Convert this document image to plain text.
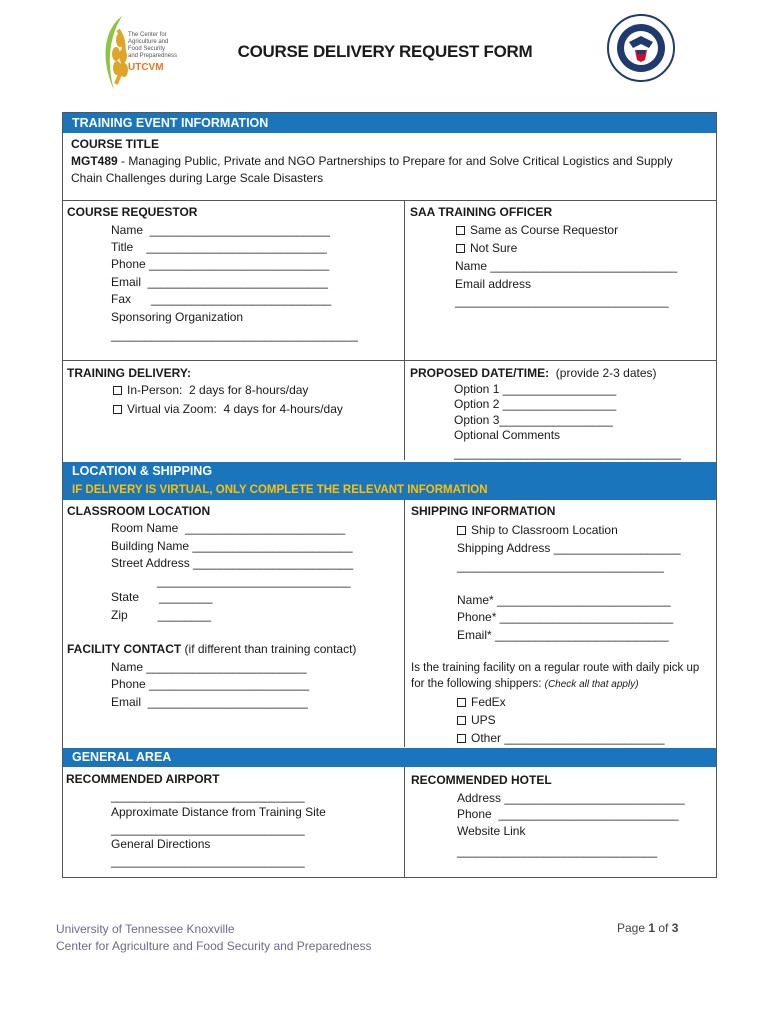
The Center for
Agriculture and
Food Security
and Preparedness
UTCVM
COURSE DELIVERY REQUEST FORM
TRAINING EVENT INFORMATION
COURSE TITLE
MGT489 - Managing Public, Private and NGO Partnerships to Prepare for and Solve Critical Logistics and Supply
Chain Challenges during Large Scale Disasters
COURSE REQUESTOR
Name  ___________________________
Title    ___________________________
Phone ___________________________
Email  ___________________________
Fax      ___________________________
Sponsoring Organization
_____________________________________
SAA TRAINING OFFICER
Same as Course Requestor
Not Sure
Name ____________________________
Email address
________________________________
TRAINING DELIVERY:
In-Person:  2 days for 8-hours/day
Virtual via Zoom:  4 days for 4-hours/day
PROPOSED DATE/TIME:  (provide 2-3 dates)
Option 1 _________________
Option 2 _________________
Option 3_________________
Optional Comments
__________________________________
LOCATION & SHIPPING
IF DELIVERY IS VIRTUAL, ONLY COMPLETE THE RELEVANT INFORMATION
CLASSROOM LOCATION
Room Name  ________________________
Building Name ________________________
Street Address ________________________
_____________________________
State      ________
Zip         ________
FACILITY CONTACT (if different than training contact)
Name ________________________
Phone ________________________
Email  ________________________
SHIPPING INFORMATION
Ship to Classroom Location
Shipping Address ___________________
_______________________________
Name* __________________________
Phone* __________________________
Email* __________________________
Is the training facility on a regular route with daily pick up
for the following shippers: (Check all that apply)
FedEx
UPS
Other ________________________
GENERAL AREA
RECOMMENDED AIRPORT
_____________________________
Approximate Distance from Training Site
_____________________________
General Directions
_____________________________
RECOMMENDED HOTEL
Address ___________________________
Phone  ___________________________
Website Link
______________________________
University of Tennessee Knoxville
Center for Agriculture and Food Security and Preparedness
Page 1 of 3
